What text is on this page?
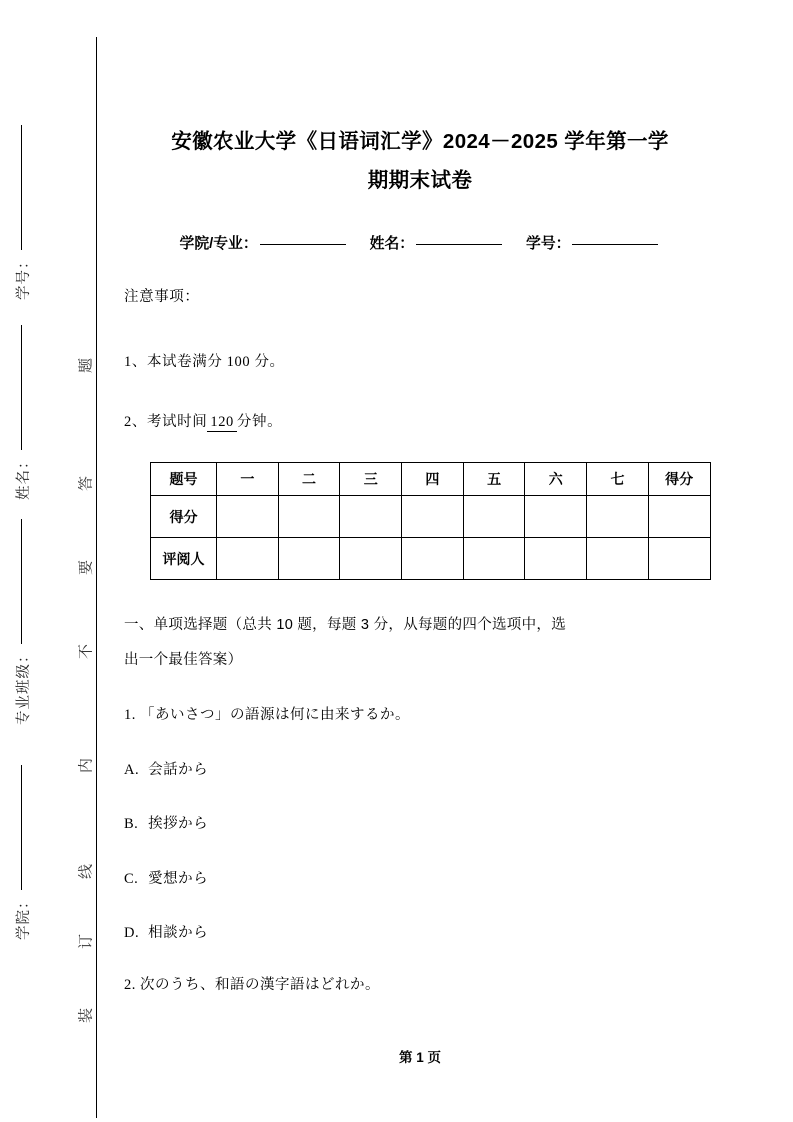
学号：
姓名：
专业班级：
学院：
题
答
要
不
内
线
订
装
安徽农业大学《日语词汇学》2024－2025 学年第一学
期期末试卷
学院/专业：	姓名：	学号：
注意事项：
1、本试卷满分 100 分。
2、考试时间 120 分钟。
题号	一	二	三	四	五	六	七	得分
得分								
评阅人								
一、单项选择题（总共 10 题，每题 3 分，从每题的四个选项中，选
出一个最佳答案）
1. 「あいさつ」の語源は何に由来するか。
A. 会話から
B. 挨拶から
C. 愛想から
D. 相談から
2. 次のうち、和語の漢字語はどれか。
第 1 页
